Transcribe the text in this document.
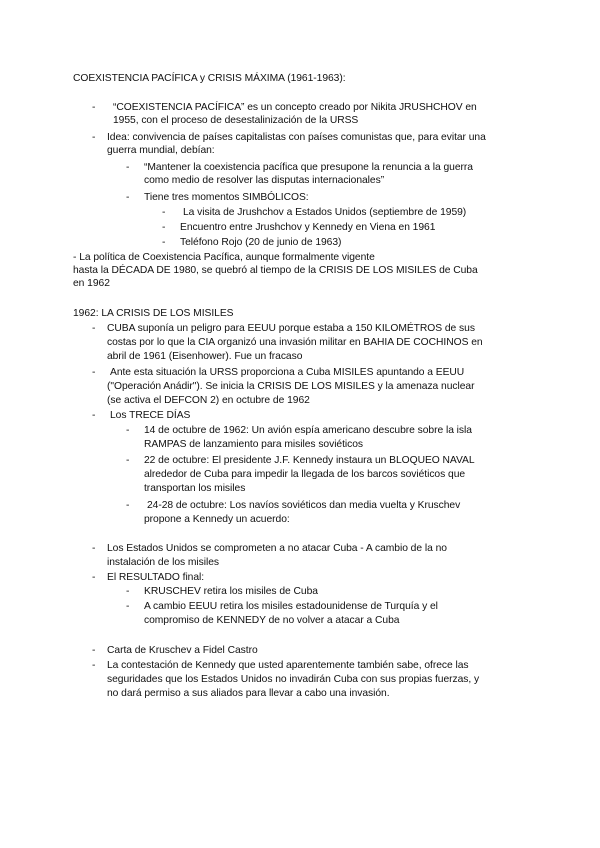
COEXISTENCIA PACÍFICA y CRISIS MÁXIMA (1961-1963):
- “COEXISTENCIA PACÍFICA” es un concepto creado por Nikita JRUSHCHOV en
1955, con el proceso de desestalinización de la URSS
- Idea: convivencia de países capitalistas con países comunistas que, para evitar una
guerra mundial, debían:
- “Mantener la coexistencia pacífica que presupone la renuncia a la guerra
como medio de resolver las disputas internacionales”
- Tiene tres momentos SIMBÓLICOS:
- La visita de Jrushchov a Estados Unidos (septiembre de 1959)
- Encuentro entre Jrushchov y Kennedy en Viena en 1961
- Teléfono Rojo (20 de junio de 1963)
- La política de Coexistencia Pacífica, aunque formalmente vigente
hasta la DÉCADA DE 1980, se quebró al tiempo de la CRISIS DE LOS MISILES de Cuba
en 1962
1962: LA CRISIS DE LOS MISILES
- CUBA suponía un peligro para EEUU porque estaba a 150 KILOMÉTROS de sus
costas por lo que la CIA organizó una invasión militar en BAHIA DE COCHINOS en
abril de 1961 (Eisenhower). Fue un fracaso
- Ante esta situación la URSS proporciona a Cuba MISILES apuntando a EEUU
("Operación Anádir"). Se inicia la CRISIS DE LOS MISILES y la amenaza nuclear
(se activa el DEFCON 2) en octubre de 1962
- Los TRECE DÍAS
- 14 de octubre de 1962: Un avión espía americano descubre sobre la isla
RAMPAS de lanzamiento para misiles soviéticos
- 22 de octubre: El presidente J.F. Kennedy instaura un BLOQUEO NAVAL
alrededor de Cuba para impedir la llegada de los barcos soviéticos que
transportan los misiles
- 24-28 de octubre: Los navíos soviéticos dan media vuelta y Kruschev
propone a Kennedy un acuerdo:
- Los Estados Unidos se comprometen a no atacar Cuba - A cambio de la no
instalación de los misiles
- El RESULTADO final:
- KRUSCHEV retira los misiles de Cuba
- A cambio EEUU retira los misiles estadounidense de Turquía y el
compromiso de KENNEDY de no volver a atacar a Cuba
- Carta de Kruschev a Fidel Castro
- La contestación de Kennedy que usted aparentemente también sabe, ofrece las
seguridades que los Estados Unidos no invadirán Cuba con sus propias fuerzas, y
no dará permiso a sus aliados para llevar a cabo una invasión.
